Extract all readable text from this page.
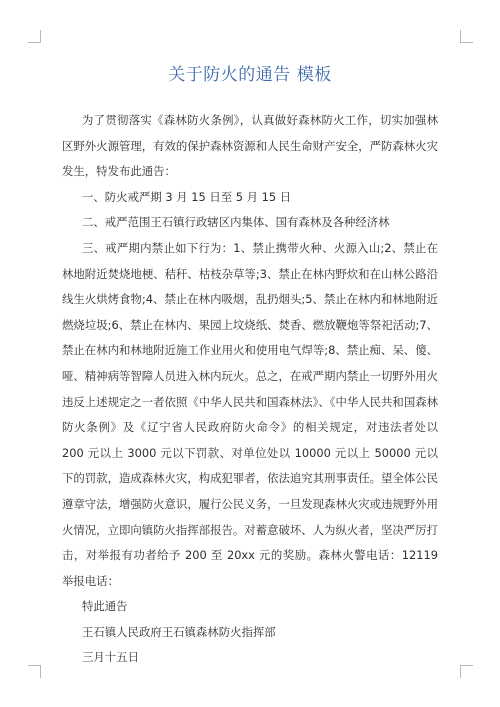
关于防火的通告 模板

为了贯彻落实《森林防火条例》，认真做好森林防火工作，切实加强林区野外火源管理，有效的保护森林资源和人民生命财产安全，严防森林火灾发生，特发布此通告：

一、防火戒严期 3 月 15 日至 5 月 15 日

二、戒严范围王石镇行政辖区内集体、国有森林及各种经济林

三、戒严期内禁止如下行为：1、禁止携带火种、火源入山;2、禁止在林地附近焚烧地梗、秸秆、枯枝杂草等;3、禁止在林内野炊和在山林公路沿线生火烘烤食物;4、禁止在林内吸烟，乱扔烟头;5、禁止在林内和林地附近燃烧垃圾;6、禁止在林内、果园上坟烧纸、焚香、燃放鞭炮等祭祀活动;7、禁止在林内和林地附近施工作业用火和使用电气焊等;8、禁止痴、呆、傻、哑、精神病等智障人员进入林内玩火。总之，在戒严期内禁止一切野外用火违反上述规定之一者依照《中华人民共和国森林法》、《中华人民共和国森林防火条例》及《辽宁省人民政府防火命令》的相关规定，对违法者处以 200 元以上 3000 元以下罚款、对单位处以 10000 元以上 50000 元以下的罚款，造成森林火灾，构成犯罪者，依法追究其刑事责任。望全体公民遵章守法，增强防火意识，履行公民义务，一旦发现森林火灾或违规野外用火情况，立即向镇防火指挥部报告。对蓄意破坏、人为纵火者，坚决严厉打击，对举报有功者给予 200 至 20xx 元的奖励。森林火警电话：12119 举报电话：

特此通告

王石镇人民政府王石镇森林防火指挥部

三月十五日
